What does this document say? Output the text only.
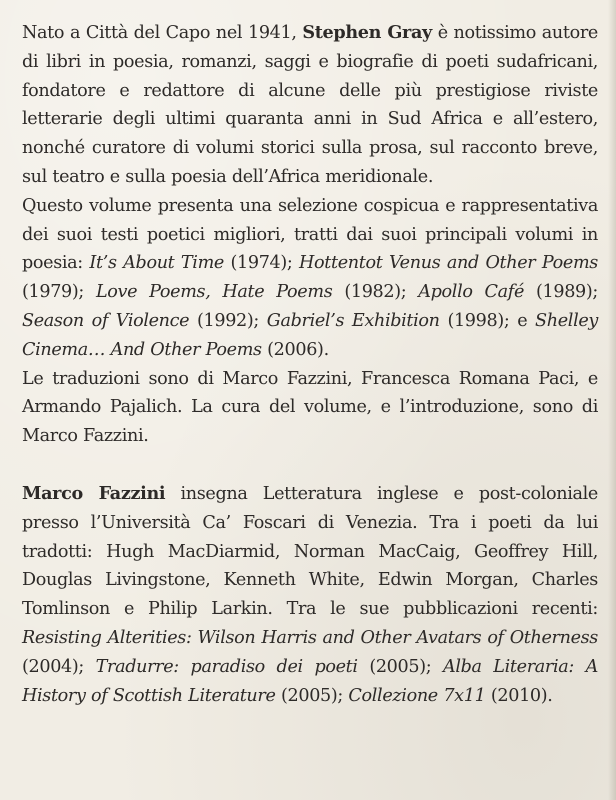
Nato a Città del Capo nel 1941, Stephen Gray è notissimo autore di libri in poesia, romanzi, saggi e biografie di poeti sudafricani, fondatore e redattore di alcune delle più prestigiose riviste letterarie degli ultimi quaranta anni in Sud Africa e all’estero, nonché curatore di volumi storici sulla prosa, sul racconto breve, sul teatro e sulla poesia dell’Africa meridionale.

Questo volume presenta una selezione cospicua e rappresentativa dei suoi testi poetici migliori, tratti dai suoi principali volumi in poesia: It’s About Time (1974); Hottentot Venus and Other Poems (1979); Love Poems, Hate Poems (1982); Apollo Café (1989); Season of Violence (1992); Gabriel’s Exhibition (1998); e Shelley Cinema… And Other Poems (2006).

Le traduzioni sono di Marco Fazzini, Francesca Romana Paci, e Armando Pajalich. La cura del volume, e l’introduzione, sono di Marco Fazzini.

Marco Fazzini insegna Letteratura inglese e post-coloniale presso l’Università Ca’ Foscari di Venezia. Tra i poeti da lui tradotti: Hugh MacDiarmid, Norman MacCaig, Geoffrey Hill, Douglas Livingstone, Kenneth White, Edwin Morgan, Charles Tomlinson e Philip Larkin. Tra le sue pubblicazioni recenti: Resisting Alterities: Wilson Harris and Other Avatars of Otherness (2004); Tradurre: paradiso dei poeti (2005); Alba Literaria: A History of Scottish Literature (2005); Collezione 7x11 (2010).
